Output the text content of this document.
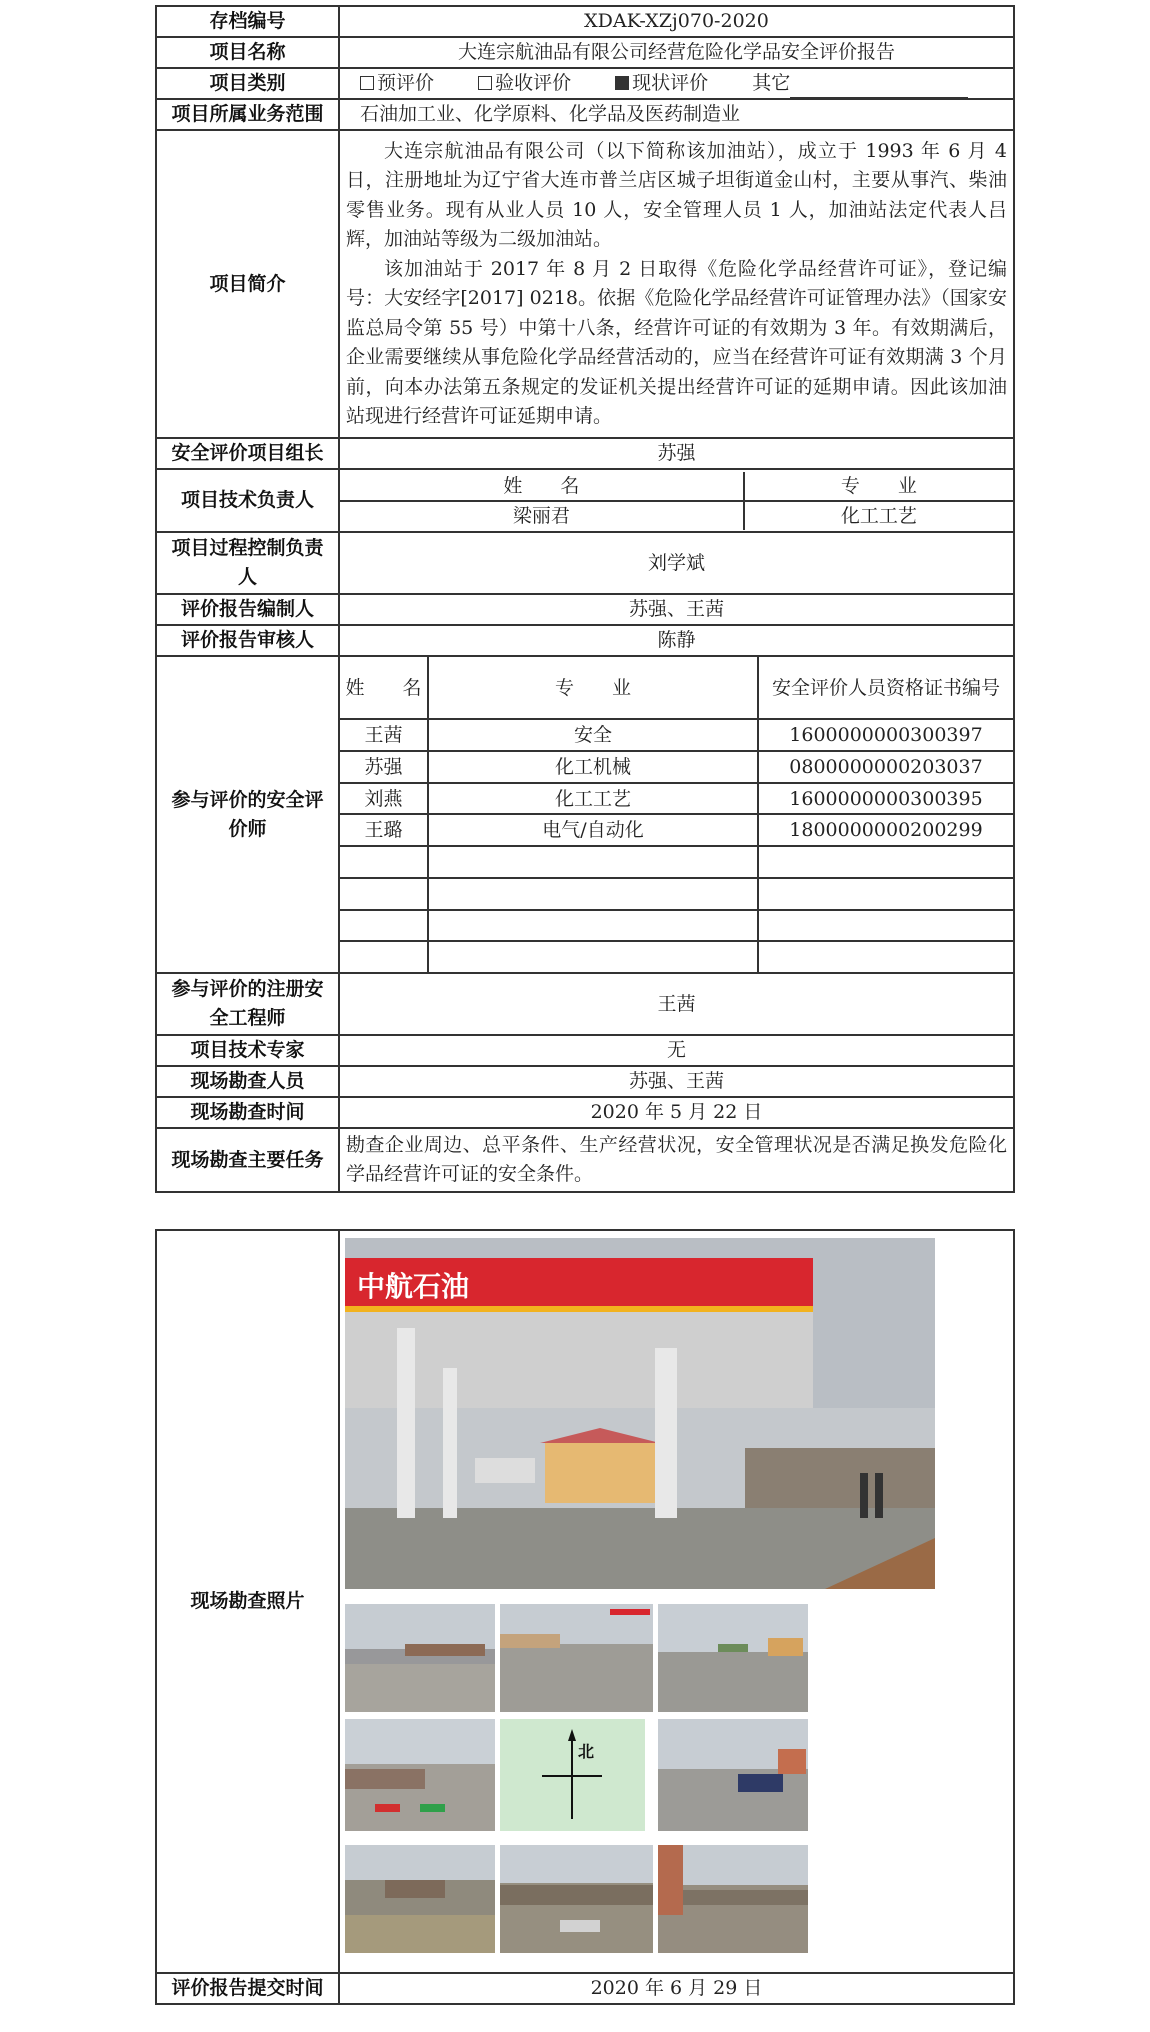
存档编号	XDAK-XZj070-2020
项目名称	大连宗航油品有限公司经营危险化学品安全评价报告
项目类别	预评价	验收评价	现状评价 其它
项目所属业务范围	石油加工业、化学原料、化学品及医药制造业
项目简介	

大连宗航油品有限公司（以下简称该加油站），成立于 1993 年 6 月 4 日，注册地址为辽宁省大连市普兰店区城子坦街道金山村，主要从事汽、柴油零售业务。现有从业人员 10 人，安全管理人员 1 人，加油站法定代表人吕辉，加油站等级为二级加油站。

该加油站于 2017 年 8 月 2 日取得《危险化学品经营许可证》，登记编号：大安经字[2017] 0218。依据《危险化学品经营许可证管理办法》（国家安监总局令第 55 号）中第十八条，经营许可证的有效期为 3 年。有效期满后，企业需要继续从事危险化学品经营活动的，应当在经营许可证有效期满 3 个月前，向本办法第五条规定的发证机关提出经营许可证的延期申请。因此该加油站现进行经营许可证延期申请。

安全评价项目组长	苏强
项目技术负责人	
姓　　名	专　　业
梁丽君	化工工艺

项目过程控制负责人	刘学斌
评价报告编制人	苏强、王茜
评价报告审核人	陈静
参与评价的安全评价师	
姓　　名	专　　业	安全评价人员资格证书编号
王茜	安全	1600000000300397
苏强	化工机械	0800000000203037
刘燕	化工工艺	1600000000300395
王璐	电气/自动化	1800000000200299

参与评价的注册安全工程师	王茜
项目技术专家	无
现场勘查人员	苏强、王茜
现场勘查时间	2020 年 5 月 22 日
现场勘查主要任务	勘查企业周边、总平条件、生产经营状况，安全管理状况是否满足换发危险化学品经营许可证的安全条件。
现场勘查照片	中航石油
北

评价报告提交时间	2020 年 6 月 29 日
